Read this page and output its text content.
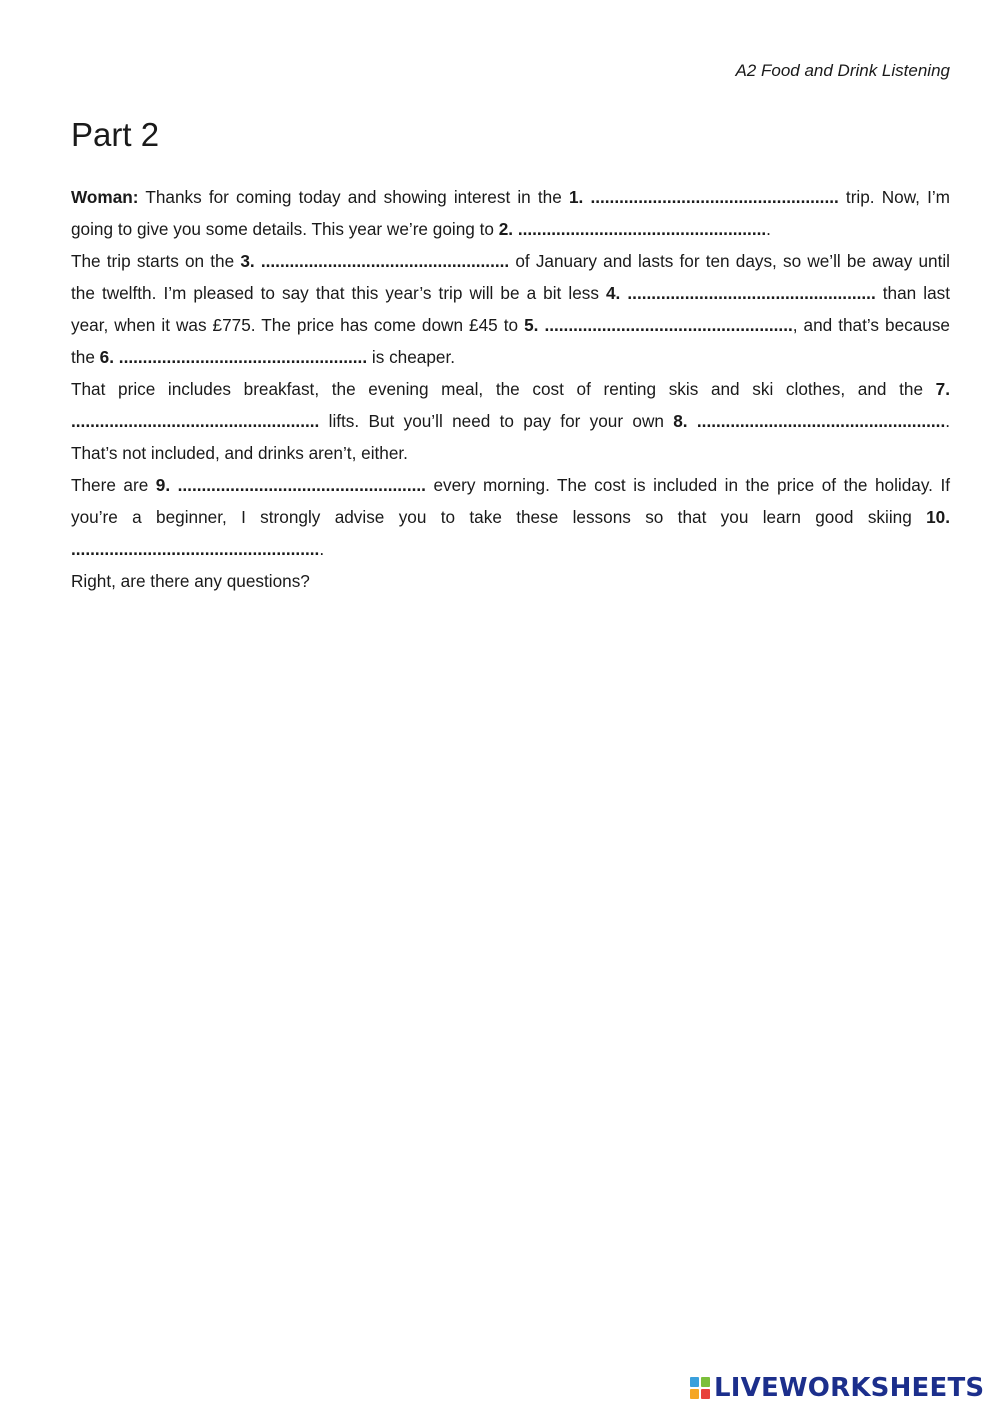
A2 Food and Drink Listening
Part 2

Woman: Thanks for coming today and showing interest in the 1. .................................................... trip. Now, I’m going to give you some details. This year we’re going to 2. .....................................................

The trip starts on the 3. .................................................... of January and lasts for ten days, so we’ll be away until the twelfth. I’m pleased to say that this year’s trip will be a bit less 4. .................................................... than last year, when it was £775. The price has come down £45 to 5. ...................................................., and that’s because the 6. .................................................... is cheaper.

That price includes breakfast, the evening meal, the cost of renting skis and ski clothes, and the 7. .................................................... lifts. But you’ll need to pay for your own 8. ..................................................... That’s not included, and drinks aren’t, either.

There are 9. .................................................... every morning. The cost is included in the price of the holiday. If you’re a beginner, I strongly advise you to take these lessons so that you learn good skiing 10. .....................................................

Right, are there any questions?

LIVEWORKSHEETS
